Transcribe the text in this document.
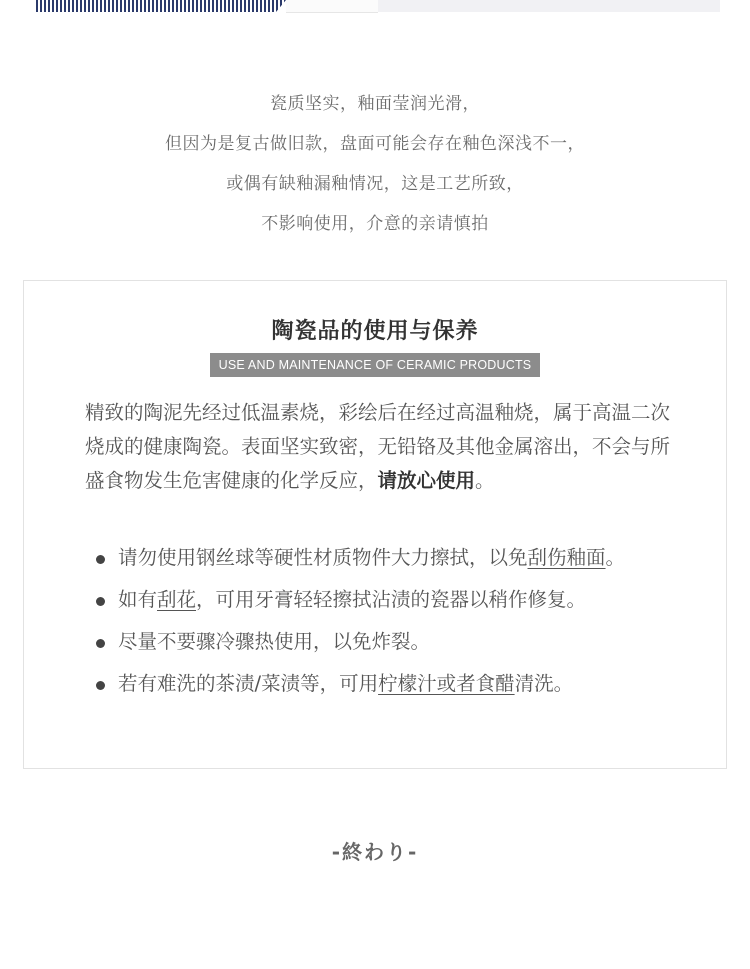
瓷质坚实，釉面莹润光滑，
但因为是复古做旧款，盘面可能会存在釉色深浅不一，
或偶有缺釉漏釉情况，这是工艺所致，
不影响使用，介意的亲请慎拍
陶瓷品的使用与保养
USE AND MAINTENANCE OF CERAMIC PRODUCTS
精致的陶泥先经过低温素烧，彩绘后在经过高温釉烧，属于高温二次烧成的健康陶瓷。表面坚实致密，无铅铬及其他金属溶出，不会与所盛食物发生危害健康的化学反应，请放心使用。
请勿使用钢丝球等硬性材质物件大力擦拭，以免刮伤釉面。
如有刮花，可用牙膏轻轻擦拭沾渍的瓷器以稍作修复。
尽量不要骤冷骤热使用，以免炸裂。
若有难洗的茶渍/菜渍等，可用柠檬汁或者食醋清洗。
-終わり-
